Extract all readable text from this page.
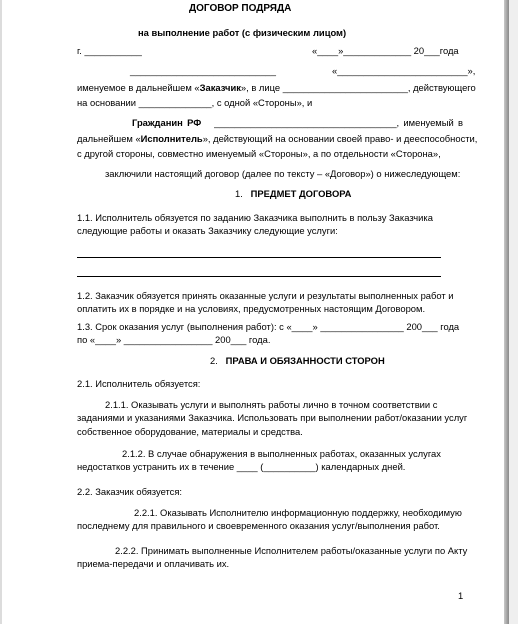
ДОГОВОР ПОДРЯДА

на выполнение работ (с физическим лицом)

г. ___________	«____»_____________ 20___года

____________________________	«_________________________»,

именуемое в дальнейшем «Заказчик», в лице ________________________, действующего

на основании ______________, с одной «Стороны», и

Гражданин РФ ___________________________________, именуемый в

дальнейшем «Исполнитель», действующий на основании своей право- и дееспособности,

с другой стороны, совместно именуемый «Стороны», а по отдельности «Сторона»,

заключили настоящий договор (далее по тексту – «Договор») о нижеследующем:

1. ПРЕДМЕТ ДОГОВОРА

1.1. Исполнитель обязуется по заданию Заказчика выполнить в пользу Заказчика

следующие работы и оказать Заказчику следующие услуги:

1.2. Заказчик обязуется принять оказанные услуги и результаты выполненных работ и

оплатить их в порядке и на условиях, предусмотренных настоящим Договором.

1.3. Срок оказания услуг (выполнения работ): с «____» ________________ 200___ года

по «____» _________________ 200___ года.

2. ПРАВА И ОБЯЗАННОСТИ СТОРОН

2.1. Исполнитель обязуется:

2.1.1. Оказывать услуги и выполнять работы лично в точном соответствии с

заданиями и указаниями Заказчика. Использовать при выполнении работ/оказании услуг

собственное оборудование, материалы и средства.

2.1.2. В случае обнаружения в выполненных работах, оказанных услугах

недостатков устранить их в течение ____ (__________) календарных дней.

2.2. Заказчик обязуется:

2.2.1. Оказывать Исполнителю информационную поддержку, необходимую

последнему для правильного и своевременного оказания услуг/выполнения работ.

2.2.2. Принимать выполненные Исполнителем работы/оказанные услуги по Акту

приема-передачи и оплачивать их.

1
